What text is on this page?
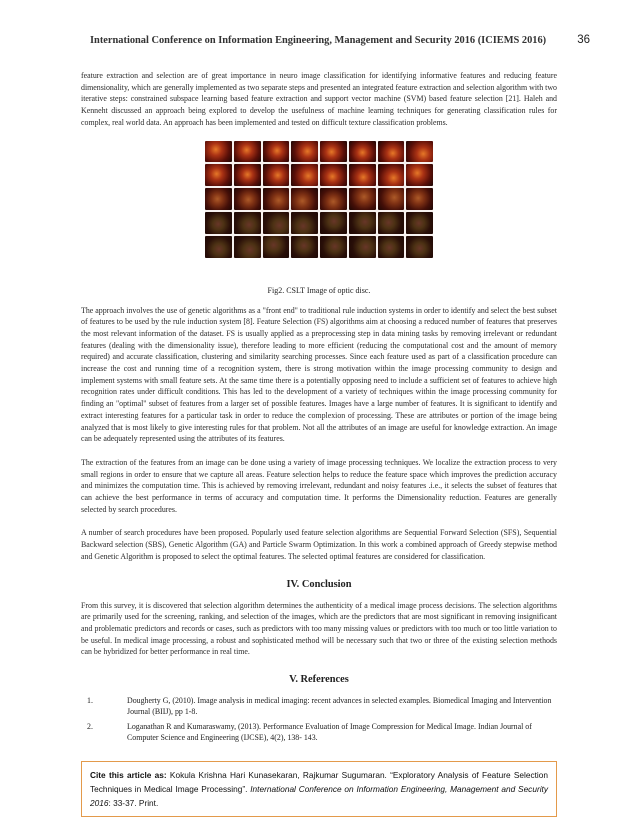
International Conference on Information Engineering, Management and Security 2016 (ICIEMS 2016)	36

feature extraction and selection are of great importance in neuro image classification for identifying informative features and reducing feature dimensionality, which are generally implemented as two separate steps and presented an integrated feature extraction and selection algorithm with two iterative steps: constrained subspace learning based feature extraction and support vector machine (SVM) based feature selection [21]. Haleh and Kenneht discussed an approach being explored to develop the usefulness of machine learning techniques for generating classification rules for complex, real world data. An approach has been implemented and tested on difficult texture classification problems.

Fig2. CSLT Image of optic disc.

The approach involves the use of genetic algorithms as a "front end" to traditional rule induction systems in order to identify and select the best subset of features to be used by the rule induction system [8]. Feature Selection (FS) algorithms aim at choosing a reduced number of features that preserves the most relevant information of the dataset. FS is usually applied as a preprocessing step in data mining tasks by removing irrelevant or redundant features (dealing with the dimensionality issue), therefore leading to more efficient (reducing the computational cost and the amount of memory required) and accurate classification, clustering and similarity searching processes. Since each feature used as part of a classification procedure can increase the cost and running time of a recognition system, there is strong motivation within the image processing community to design and implement systems with small feature sets. At the same time there is a potentially opposing need to include a sufficient set of features to achieve high recognition rates under difficult conditions. This has led to the development of a variety of techniques within the image processing community for finding an "optimal" subset of features from a larger set of possible features. Images have a large number of features. It is significant to identify and extract interesting features for a particular task in order to reduce the complexion of processing. These are attributes or portion of the image being analyzed that is most likely to give interesting rules for that problem. Not all the attributes of an image are useful for knowledge extraction. An image can be adequately represented using the attributes of its features.

The extraction of the features from an image can be done using a variety of image processing techniques. We localize the extraction process to very small regions in order to ensure that we capture all areas. Feature selection helps to reduce the feature space which improves the prediction accuracy and minimizes the computation time. This is achieved by removing irrelevant, redundant and noisy features .i.e., it selects the subset of features that can achieve the best performance in terms of accuracy and computation time. It performs the Dimensionality reduction. Features are generally selected by search procedures.

A number of search procedures have been proposed. Popularly used feature selection algorithms are Sequential Forward Selection (SFS), Sequential Backward selection (SBS), Genetic Algorithm (GA) and Particle Swarm Optimization. In this work a combined approach of Greedy stepwise method and Genetic Algorithm is proposed to select the optimal features. The selected optimal features are considered for classification.

IV. Conclusion

From this survey, it is discovered that selection algorithm determines the authenticity of a medical image process decisions. The selection algorithms are primarily used for the screening, ranking, and selection of the images, which are the predictors that are most significant in removing insignificant and problematic predictors and records or cases, such as predictors with too many missing values or predictors with too much or too little variation to be useful. In medical image processing, a robust and sophisticated method will be necessary such that two or three of the existing selection methods can be hybridized for better performance in real time.

V. References
1.	Dougherty G, (2010). Image analysis in medical imaging: recent advances in selected examples. Biomedical Imaging and Intervention Journal (BIIJ), pp 1-8.
2.	Loganathan R and Kumaraswamy, (2013). Performance Evaluation of Image Compression for Medical Image. Indian Journal of Computer Science and Engineering (IJCSE), 4(2), 138- 143.
Cite this article as: Kokula Krishna Hari Kunasekaran, Rajkumar Sugumaran. “Exploratory Analysis of Feature Selection Techniques in Medical Image Processing”. International Conference on Information Engineering, Management and Security 2016: 33-37. Print.
